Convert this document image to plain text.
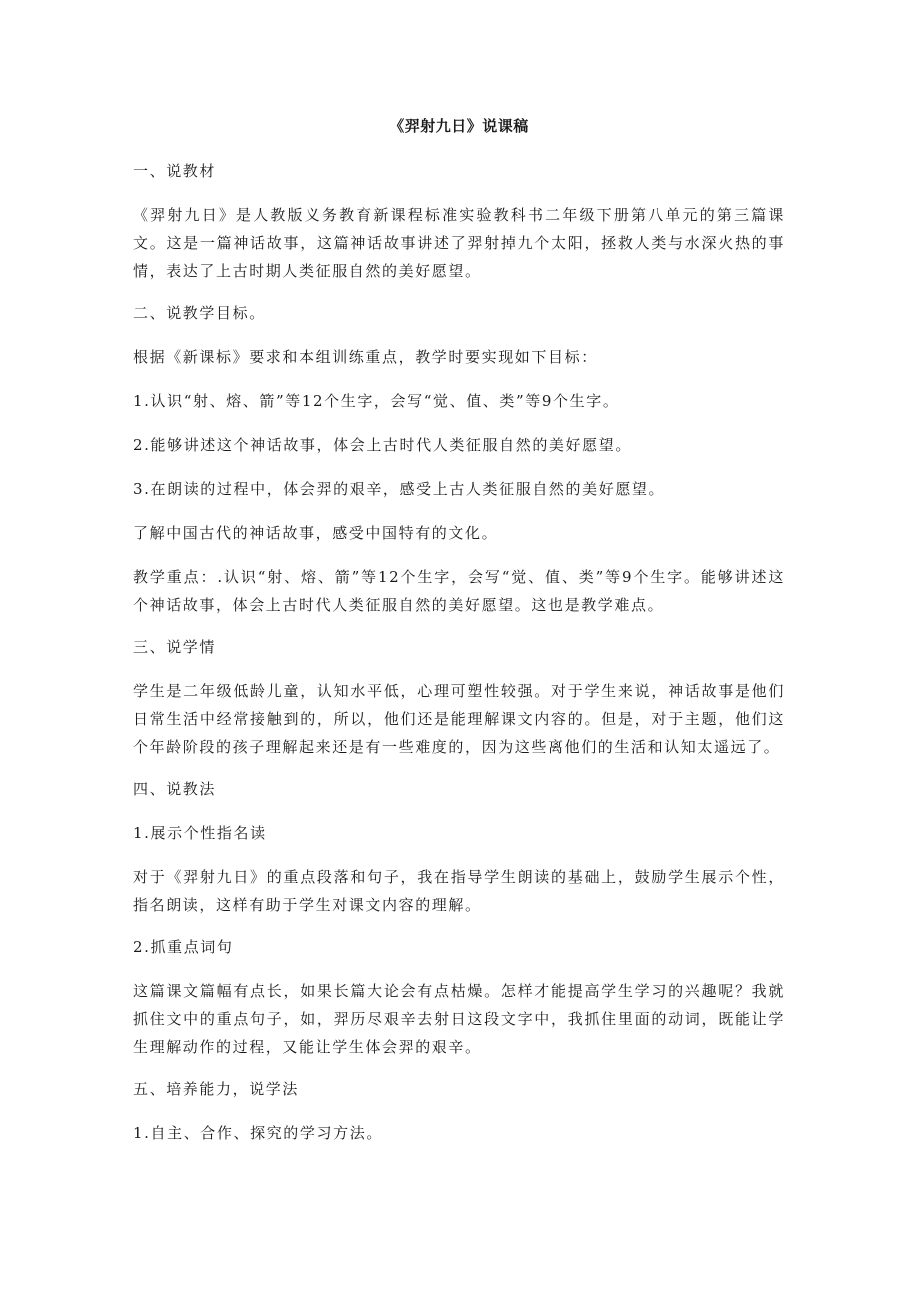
《羿射九日》说课稿

一、说教材

《羿射九日》是人教版义务教育新课程标准实验教科书二年级下册第八单元的第三篇课文。这是一篇神话故事，这篇神话故事讲述了羿射掉九个太阳，拯救人类与水深火热的事情，表达了上古时期人类征服自然的美好愿望。

二、说教学目标。

根据《新课标》要求和本组训练重点，教学时要实现如下目标：

1.认识“射、熔、箭”等12个生字，会写“觉、值、类”等9个生字。

2.能够讲述这个神话故事，体会上古时代人类征服自然的美好愿望。

3.在朗读的过程中，体会羿的艰辛，感受上古人类征服自然的美好愿望。

了解中国古代的神话故事，感受中国特有的文化。

教学重点：.认识“射、熔、箭”等12个生字，会写“觉、值、类”等9个生字。能够讲述这个神话故事，体会上古时代人类征服自然的美好愿望。这也是教学难点。

三、说学情

学生是二年级低龄儿童，认知水平低，心理可塑性较强。对于学生来说，神话故事是他们日常生活中经常接触到的，所以，他们还是能理解课文内容的。但是，对于主题，他们这个年龄阶段的孩子理解起来还是有一些难度的，因为这些离他们的生活和认知太遥远了。

四、说教法

1.展示个性指名读

对于《羿射九日》的重点段落和句子，我在指导学生朗读的基础上，鼓励学生展示个性，指名朗读，这样有助于学生对课文内容的理解。

2.抓重点词句

这篇课文篇幅有点长，如果长篇大论会有点枯燥。怎样才能提高学生学习的兴趣呢？我就抓住文中的重点句子，如，羿历尽艰辛去射日这段文字中，我抓住里面的动词，既能让学生理解动作的过程，又能让学生体会羿的艰辛。

五、培养能力，说学法

1.自主、合作、探究的学习方法。
